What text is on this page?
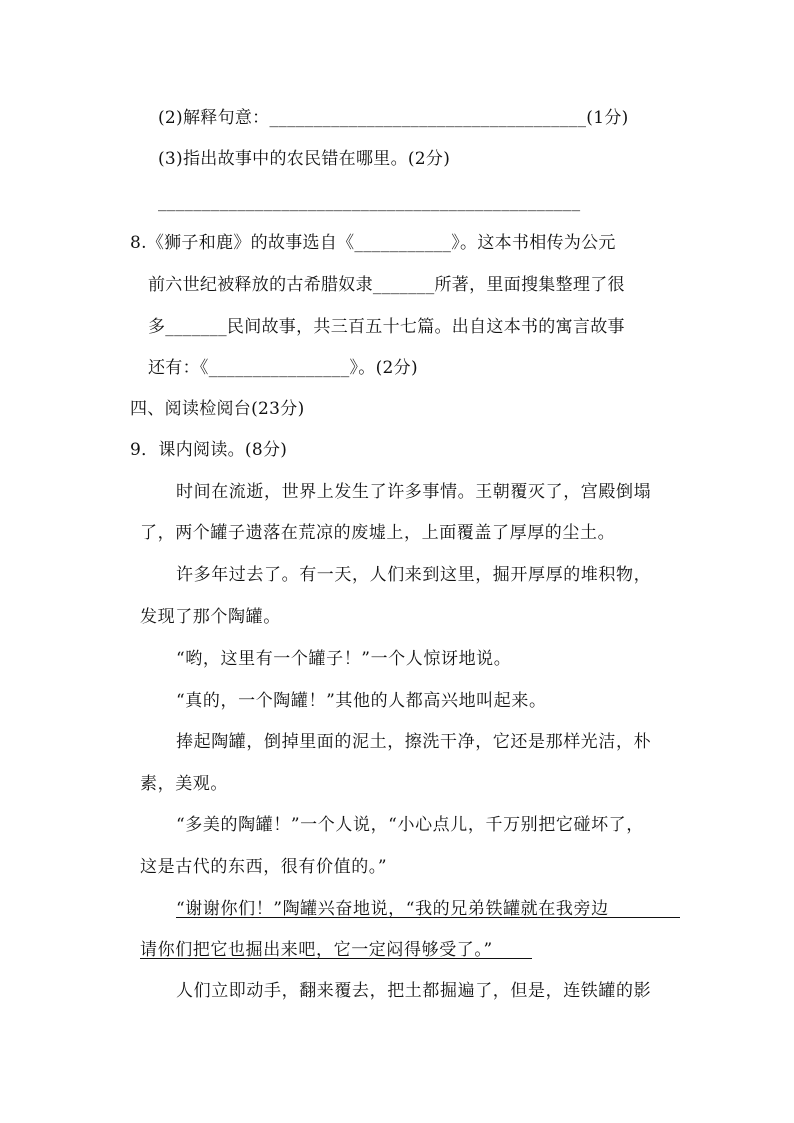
(2)解释句意：____________________________________(1分)
(3)指出故事中的农民错在哪里。(2分)
________________________________________________
8.《狮子和鹿》的故事选自《___________》。这本书相传为公元
前六世纪被释放的古希腊奴隶_______所著，里面搜集整理了很
多_______民间故事，共三百五十七篇。出自这本书的寓言故事
还有：《________________》。(2分)
四、阅读检阅台(23分)
9．课内阅读。(8分)
时间在流逝，世界上发生了许多事情。王朝覆灭了，宫殿倒塌
了，两个罐子遗落在荒凉的废墟上，上面覆盖了厚厚的尘土。
许多年过去了。有一天，人们来到这里，掘开厚厚的堆积物，
发现了那个陶罐。
“哟，这里有一个罐子！”一个人惊讶地说。
“真的，一个陶罐！”其他的人都高兴地叫起来。
捧起陶罐，倒掉里面的泥土，擦洗干净，它还是那样光洁，朴
素，美观。
“多美的陶罐！”一个人说，“小心点儿，千万别把它碰坏了，
这是古代的东西，很有价值的。”
“谢谢你们！”陶罐兴奋地说，“我的兄弟铁罐就在我旁边
请你们把它也掘出来吧，它一定闷得够受了。”
人们立即动手，翻来覆去，把土都掘遍了，但是，连铁罐的影
